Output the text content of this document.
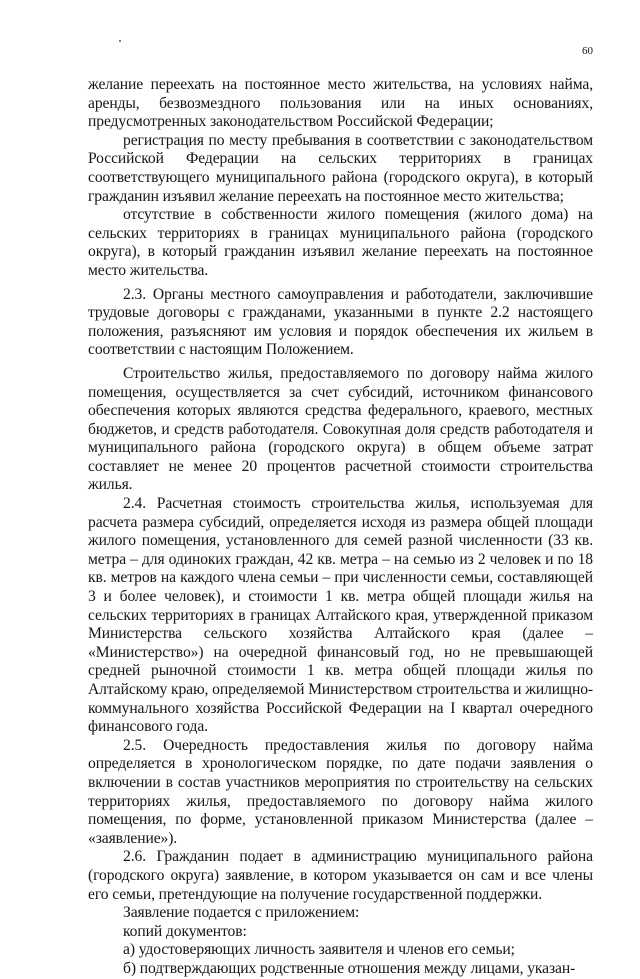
60

желание переехать на постоянное место жительства, на условиях найма, аренды, безвозмездного пользования или на иных основаниях, предусмотренных законодательством Российской Федерации;

регистрация по месту пребывания в соответствии с законодательством Российской Федерации на сельских территориях в границах соответствующего муниципального района (городского округа), в который гражданин изъявил желание переехать на постоянное место жительства;

отсутствие в собственности жилого помещения (жилого дома) на сельских территориях в границах муниципального района (городского округа), в который гражданин изъявил желание переехать на постоянное место жительства.

2.3. Органы местного самоуправления и работодатели, заключившие трудовые договоры с гражданами, указанными в пункте 2.2 настоящего положения, разъясняют им условия и порядок обеспечения их жильем в соответствии с настоящим Положением.

Строительство жилья, предоставляемого по договору найма жилого помещения, осуществляется за счет субсидий, источником финансового обеспечения которых являются средства федерального, краевого, местных бюджетов, и средств работодателя. Совокупная доля средств работодателя и муниципального района (городского округа) в общем объеме затрат составляет не менее 20 процентов расчетной стоимости строительства жилья.

2.4. Расчетная стоимость строительства жилья, используемая для расчета размера субсидий, определяется исходя из размера общей площади жилого помещения, установленного для семей разной численности (33 кв. метра – для одиноких граждан, 42 кв. метра – на семью из 2 человек и по 18 кв. метров на каждого члена семьи – при численности семьи, составляющей 3 и более человек), и стоимости 1 кв. метра общей площади жилья на сельских территориях в границах Алтайского края, утвержденной приказом Министерства сельского хозяйства Алтайского края (далее – «Министерство») на очередной финансовый год, но не превышающей средней рыночной стоимости 1 кв. метра общей площади жилья по Алтайскому краю, определяемой Министерством строительства и жилищно-коммунального хозяйства Российской Федерации на I квартал очередного финансового года.

2.5. Очередность предоставления жилья по договору найма определяется в хронологическом порядке, по дате подачи заявления о включении в состав участников мероприятия по строительству на сельских территориях жилья, предоставляемого по договору найма жилого помещения, по форме, установленной приказом Министерства (далее – «заявление»).

2.6. Гражданин подает в администрацию муниципального района (городского округа) заявление, в котором указывается он сам и все члены его семьи, претендующие на получение государственной поддержки.

Заявление подается с приложением:

копий документов:

а) удостоверяющих личность заявителя и членов его семьи;

б) подтверждающих родственные отношения между лицами, указан-
